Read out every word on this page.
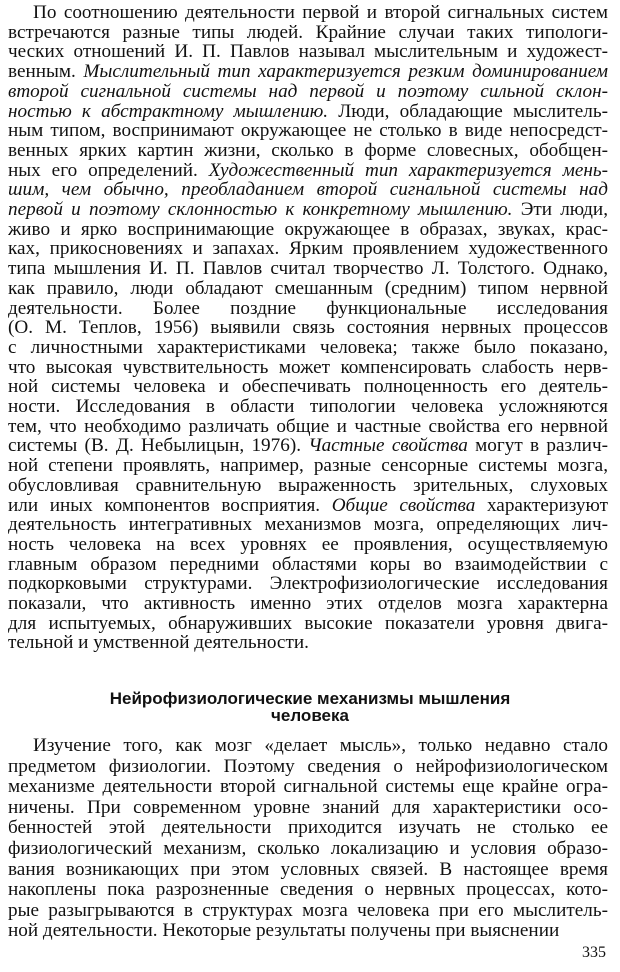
По соотношению деятельности первой и второй сигнальных систем
встречаются разные типы людей. Крайние случаи таких типологи-
ческих отношений И. П. Павлов называл мыслительным и художест-
венным. Мыслительный тип характеризуется резким доминированием
второй сигнальной системы над первой и поэтому сильной склон-
ностью к абстрактному мышлению. Люди, обладающие мыслитель-
ным типом, воспринимают окружающее не столько в виде непосредст-
венных ярких картин жизни, сколько в форме словесных, обобщен-
ных его определений. Художественный тип характеризуется мень-
шим, чем обычно, преобладанием второй сигнальной системы над
первой и поэтому склонностью к конкретному мышлению. Эти люди,
живо и ярко воспринимающие окружающее в образах, звуках, крас-
ках, прикосновениях и запахах. Ярким проявлением художественного
типа мышления И. П. Павлов считал творчество Л. Толстого. Однако,
как правило, люди обладают смешанным (средним) типом нервной
деятельности. Более поздние функциональные исследования
(О. М. Теплов, 1956) выявили связь состояния нервных процессов
с личностными характеристиками человека; также было показано,
что высокая чувствительность может компенсировать слабость нерв-
ной системы человека и обеспечивать полноценность его деятель-
ности. Исследования в области типологии человека усложняются
тем, что необходимо различать общие и частные свойства его нервной
системы (В. Д. Небылицын, 1976). Частные свойства могут в различ-
ной степени проявлять, например, разные сенсорные системы мозга,
обусловливая сравнительную выраженность зрительных, слуховых
или иных компонентов восприятия. Общие свойства характеризуют
деятельность интегративных механизмов мозга, определяющих лич-
ность человека на всех уровнях ее проявления, осуществляемую
главным образом передними областями коры во взаимодействии с
подкорковыми структурами. Электрофизиологические исследования
показали, что активность именно этих отделов мозга характерна
для испытуемых, обнаруживших высокие показатели уровня двига-
тельной и умственной деятельности.
Нейрофизиологические механизмы мышления
человека
Изучение того, как мозг «делает мысль», только недавно стало
предметом физиологии. Поэтому сведения о нейрофизиологическом
механизме деятельности второй сигнальной системы еще крайне огра-
ничены. При современном уровне знаний для характеристики осо-
бенностей этой деятельности приходится изучать не столько ее
физиологический механизм, сколько локализацию и условия образо-
вания возникающих при этом условных связей. В настоящее время
накоплены пока разрозненные сведения о нервных процессах, кото-
рые разыгрываются в структурах мозга человека при его мыслитель-
ной деятельности. Некоторые результаты получены при выяснении
335
